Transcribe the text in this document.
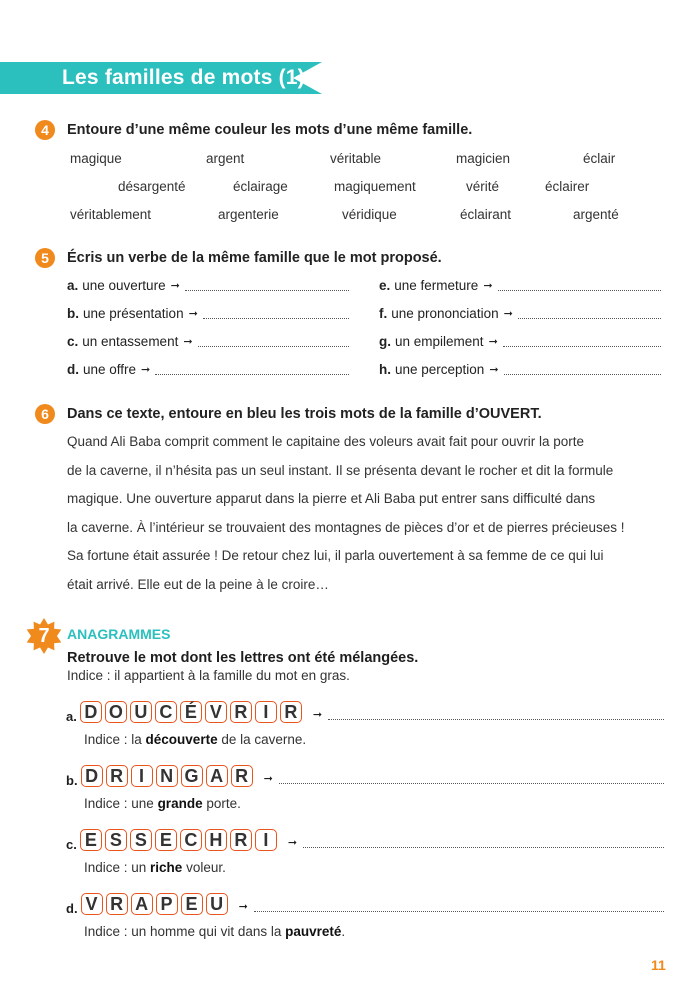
Les familles de mots (1)
4	Entoure d’une même couleur les mots d’une même famille.
magique	argent	véritable	magicien	éclair
désargenté	éclairage	magiquement	vérité	éclairer
véritablement	argenterie	véridique	éclairant	argenté
5	Écris un verbe de la même famille que le mot proposé.
a. une ouverture ➞	e. une fermeture ➞
b. une présentation ➞	f. une prononciation ➞
c. un entassement ➞	g. un empilement ➞
d. une offre ➞	h. une perception ➞
6	Dans ce texte, entoure en bleu les trois mots de la famille d’OUVERT.

Quand Ali Baba comprit comment le capitaine des voleurs avait fait pour ouvrir la porte

de la caverne, il n’hésita pas un seul instant. Il se présenta devant le rocher et dit la formule

magique. Une ouverture apparut dans la pierre et Ali Baba put entrer sans difficulté dans

la caverne. À l’intérieur se trouvaient des montagnes de pièces d’or et de pierres précieuses !

Sa fortune était assurée ! De retour chez lui, il parla ouvertement à sa femme de ce qui lui

était arrivé. Elle eut de la peine à le croire…

7	ANAGRAMMES
Retrouve le mot dont les lettres ont été mélangées.
Indice : il appartient à la famille du mot en gras.
a. D O U C É V R I R	➞
Indice : la découverte de la caverne.
b. D R I N G A R	➞
Indice : une grande porte.
c. E S S E C H R I	➞
Indice : un riche voleur.
d. V R A P E U	➞
Indice : un homme qui vit dans la pauvreté.
11
